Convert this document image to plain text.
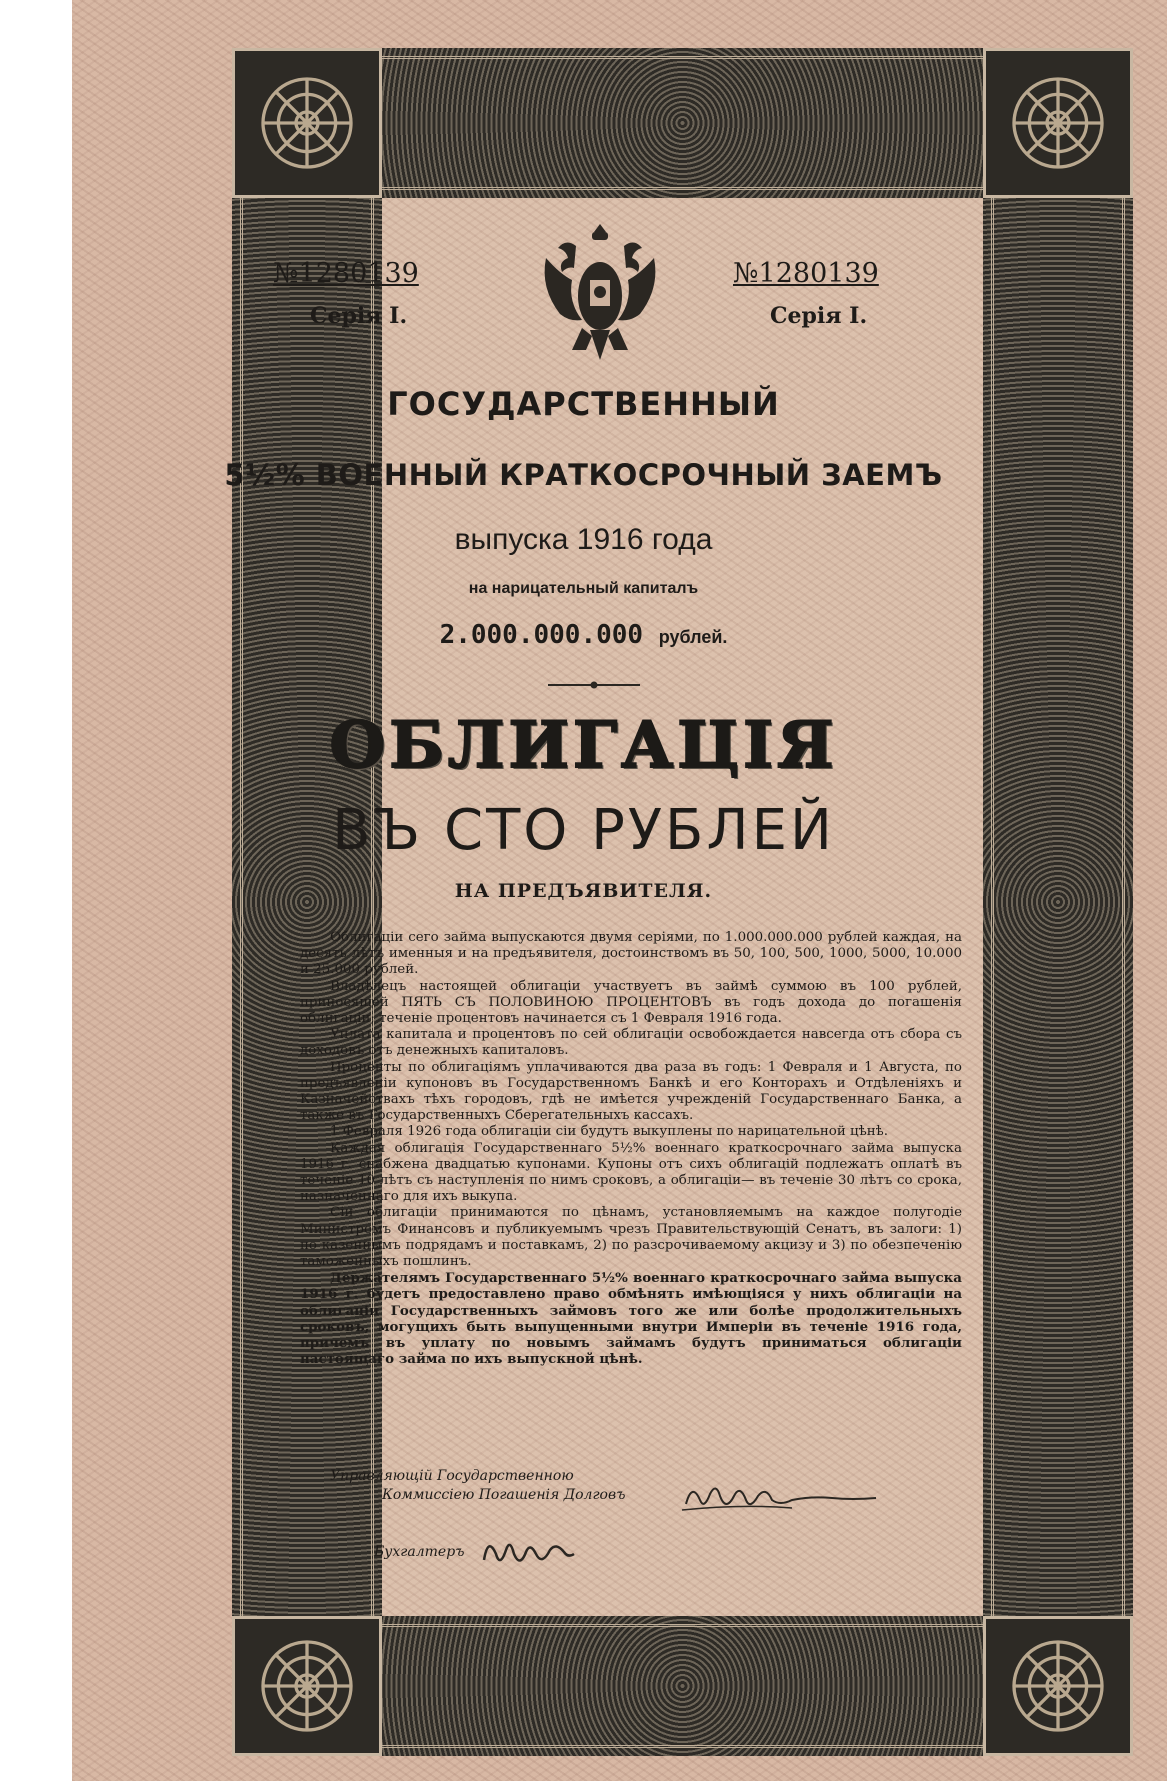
№1280139
Серія I.
№1280139
Серія I.
ГОСУДАРСТВЕННЫЙ
5½% ВОЕННЫЙ КРАТКОСРОЧНЫЙ ЗАЕМЪ
выпуска 1916 года
на нарицательный капиталъ
2.000.000.000 рублей.
ОБЛИГАЦІЯ
ВЪ СТО РУБЛЕЙ
НА ПРЕДЪЯВИТЕЛЯ.

Облигаціи сего займа выпускаются двумя серіями, по 1.000.000.000 рублей каждая, на десять лѣтъ именныя и на предъявителя, достоинствомъ въ 50, 100, 500, 1000, 5000, 10.000 и 25.000 рублей.

Владѣлецъ настоящей облигаціи участвуетъ въ займѣ суммою въ 100 рублей, приносящей ПЯТЬ СЪ ПОЛОВИНОЮ ПРОЦЕНТОВЪ въ годъ дохода до погашенія облигаціи; теченіе процентовъ начинается съ 1 Февраля 1916 года.

Уплата капитала и процентовъ по сей облигаціи освобождается навсегда отъ сбора съ доходовъ отъ денежныхъ капиталовъ.

Проценты по облигаціямъ уплачиваются два раза въ годъ: 1 Февраля и 1 Августа, по предъявленіи купоновъ въ Государственномъ Банкѣ и его Конторахъ и Отдѣленіяхъ и Казначействахъ тѣхъ городовъ, гдѣ не имѣется учрежденій Государственнаго Банка, а также въ Государственныхъ Сберегательныхъ кассахъ.

1 Февраля 1926 года облигаціи сіи будутъ выкуплены по нарицательной цѣнѣ.

Каждая облигація Государственнаго 5½% военнаго краткосрочнаго займа выпуска 1916 г. снабжена двадцатью купонами. Купоны отъ сихъ облигацій подлежатъ оплатѣ въ теченіе 10 лѣтъ съ наступленія по нимъ сроковъ, а облигаціи— въ теченіе 30 лѣтъ со срока, назначеннаго для ихъ выкупа.

Сіи облигаціи принимаются по цѣнамъ, установляемымъ на каждое полугодіе Министромъ Финансовъ и публикуемымъ чрезъ Правительствующій Сенатъ, въ залоги: 1) по казеннымъ подрядамъ и поставкамъ, 2) по разсрочиваемому акцизу и 3) по обезпеченію таможенныхъ пошлинъ.

Держателямъ Государственнаго 5½% военнаго краткосрочнаго займа выпуска 1916 г. будетъ предоставлено право обмѣнять имѣющіяся у нихъ облигаціи на облигаціи Государственныхъ займовъ того же или болѣе продолжительныхъ сроковъ, могущихъ быть выпущенными внутри Имперіи въ теченіе 1916 года, причемъ въ уплату по новымъ займамъ будутъ приниматься облигаціи настоящаго займа по ихъ выпускной цѣнѣ.

Управляющій Государственною
Коммиссіею Погашенія Долговъ
Бухгалтеръ
